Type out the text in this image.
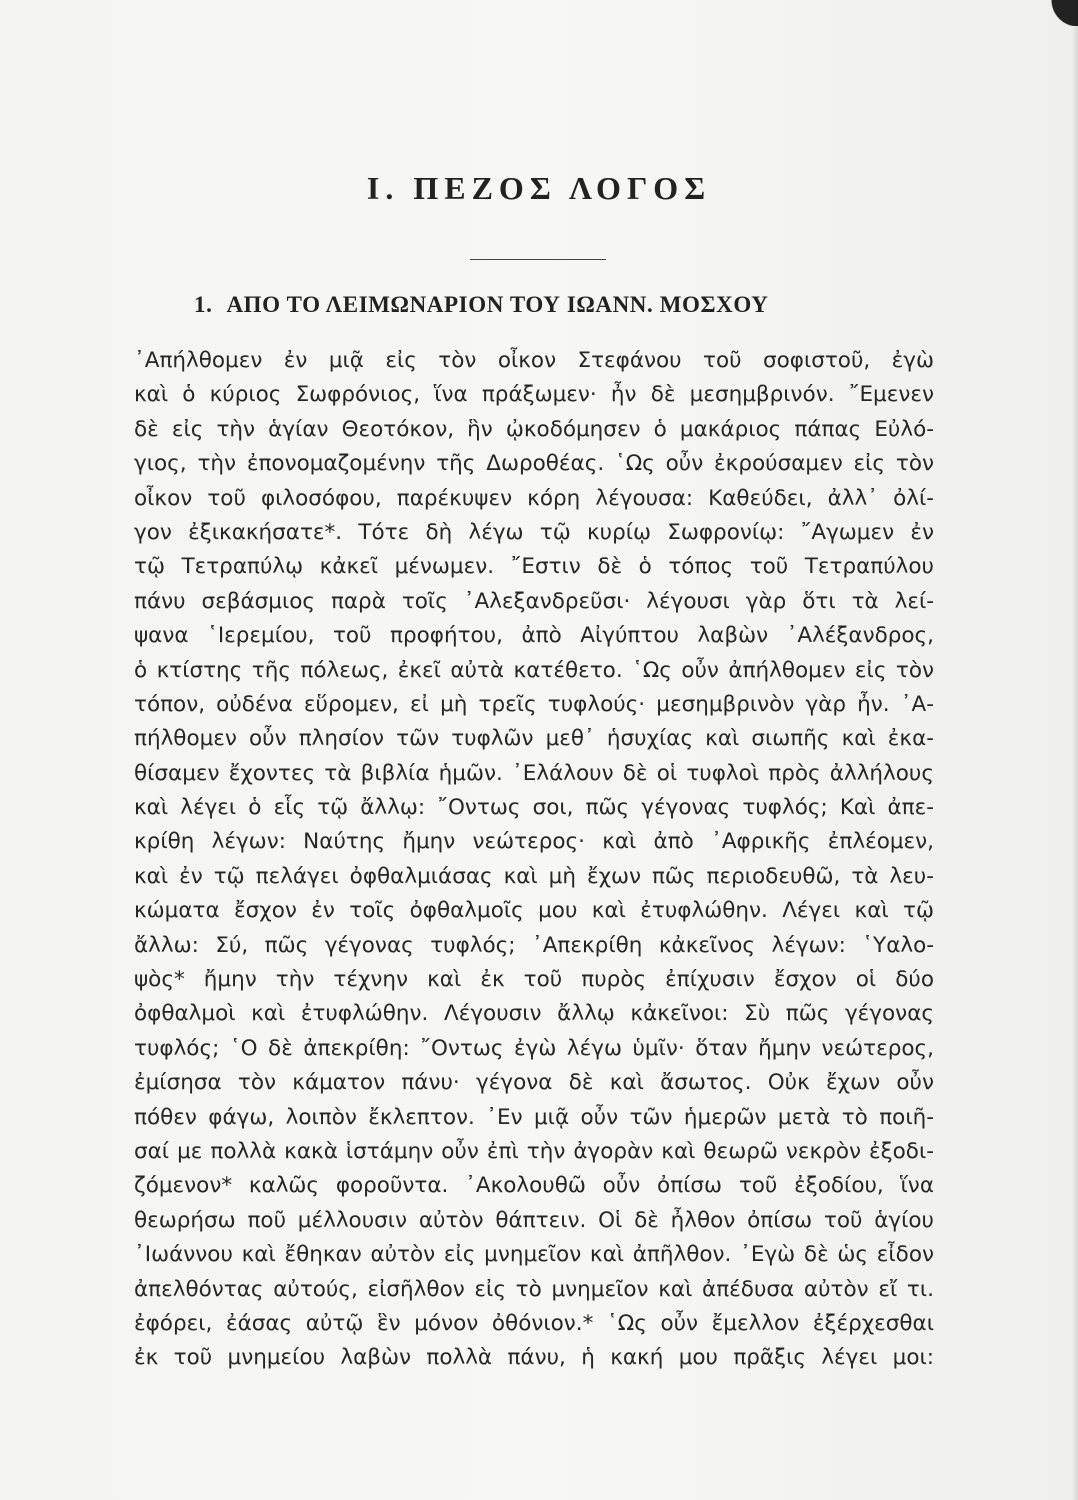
Ι. ΠΕΖΟΣ ΛΟΓΟΣ
1. ΑΠΟ ΤΟ ΛΕΙΜΩΝΑΡΙΟΝ ΤΟΥ ΙΩΑΝΝ. ΜΟΣΧΟΥ
᾿Απήλθομεν ἐν μιᾷ εἰς τὸν οἶκον Στεφάνου τοῦ σοφιστοῦ, ἐγὼ
καὶ ὁ κύριος Σωφρόνιος, ἵνα πράξωμεν· ἦν δὲ μεσημβρινόν. ῎Εμενεν
δὲ εἰς τὴν ἁγίαν Θεοτόκον, ἣν ᾠκοδόμησεν ὁ μακάριος πάπας Εὐλό-
γιος, τὴν ἐπονομαζομένην τῆς Δωροθέας. ῾Ως οὖν ἐκρούσαμεν εἰς τὸν
οἶκον τοῦ φιλοσόφου, παρέκυψεν κόρη λέγουσα: Καθεύδει, ἀλλ᾿ ὀλί-
γον ἐξικακήσατε*. Τότε δὴ λέγω τῷ κυρίῳ Σωφρονίῳ: ῎Αγωμεν ἐν
τῷ Τετραπύλῳ κἀκεῖ μένωμεν. ῎Εστιν δὲ ὁ τόπος τοῦ Τετραπύλου
πάνυ σεβάσμιος παρὰ τοῖς ᾿Αλεξανδρεῦσι· λέγουσι γὰρ ὅτι τὰ λεί-
ψανα ῾Ιερεμίου, τοῦ προφήτου, ἀπὸ Αἰγύπτου λαβὼν ᾿Αλέξανδρος,
ὁ κτίστης τῆς πόλεως, ἐκεῖ αὐτὰ κατέθετο. ῾Ως οὖν ἀπήλθομεν εἰς τὸν
τόπον, οὐδένα εὕρομεν, εἰ μὴ τρεῖς τυφλούς· μεσημβρινὸν γὰρ ἦν. ᾿Α-
πήλθομεν οὖν πλησίον τῶν τυφλῶν μεθ᾿ ἡσυχίας καὶ σιωπῆς καὶ ἐκα-
θίσαμεν ἔχοντες τὰ βιβλία ἡμῶν. ᾿Ελάλουν δὲ οἱ τυφλοὶ πρὸς ἀλλήλους
καὶ λέγει ὁ εἷς τῷ ἄλλῳ: ῎Οντως σοι, πῶς γέγονας τυφλός; Καὶ ἀπε-
κρίθη λέγων: Ναύτης ἤμην νεώτερος· καὶ ἀπὸ ᾿Αφρικῆς ἐπλέομεν,
καὶ ἐν τῷ πελάγει ὀφθαλμιάσας καὶ μὴ ἔχων πῶς περιοδευθῶ, τὰ λευ-
κώματα ἔσχον ἐν τοῖς ὀφθαλμοῖς μου καὶ ἐτυφλώθην. Λέγει καὶ τῷ
ἄλλω: Σύ, πῶς γέγονας τυφλός; ᾿Απεκρίθη κἀκεῖνος λέγων: ῾Υαλο-
ψὸς* ἤμην τὴν τέχνην καὶ ἐκ τοῦ πυρὸς ἐπίχυσιν ἔσχον οἱ δύο
ὀφθαλμοὶ καὶ ἐτυφλώθην. Λέγουσιν ἄλλῳ κἀκεῖνοι: Σὺ πῶς γέγονας
τυφλός; ῾Ο δὲ ἀπεκρίθη: ῎Οντως ἐγὼ λέγω ὑμῖν· ὅταν ἤμην νεώτερος,
ἐμίσησα τὸν κάματον πάνυ· γέγονα δὲ καὶ ἄσωτος. Οὐκ ἔχων οὖν
πόθεν φάγω, λοιπὸν ἔκλεπτον. ᾿Εν μιᾷ οὖν τῶν ἡμερῶν μετὰ τὸ ποιῆ-
σαί με πολλὰ κακὰ ἱστάμην οὖν ἐπὶ τὴν ἀγορὰν καὶ θεωρῶ νεκρὸν ἐξοδι-
ζόμενον* καλῶς φοροῦντα. ᾿Ακολουθῶ οὖν ὀπίσω τοῦ ἐξοδίου, ἵνα
θεωρήσω ποῦ μέλλουσιν αὐτὸν θάπτειν. Οἱ δὲ ἦλθον ὀπίσω τοῦ ἁγίου
᾿Ιωάννου καὶ ἔθηκαν αὐτὸν εἰς μνημεῖον καὶ ἀπῆλθον. ᾿Εγὼ δὲ ὡς εἶδον
ἀπελθόντας αὐτούς, εἰσῆλθον εἰς τὸ μνημεῖον καὶ ἀπέδυσα αὐτὸν εἴ τι.
ἐφόρει, ἐάσας αὐτῷ ἓν μόνον ὀθόνιον.* ῾Ως οὖν ἔμελλον ἐξέρχεσθαι
ἐκ τοῦ μνημείου λαβὼν πολλὰ πάνυ, ἡ κακή μου πρᾶξις λέγει μοι:
